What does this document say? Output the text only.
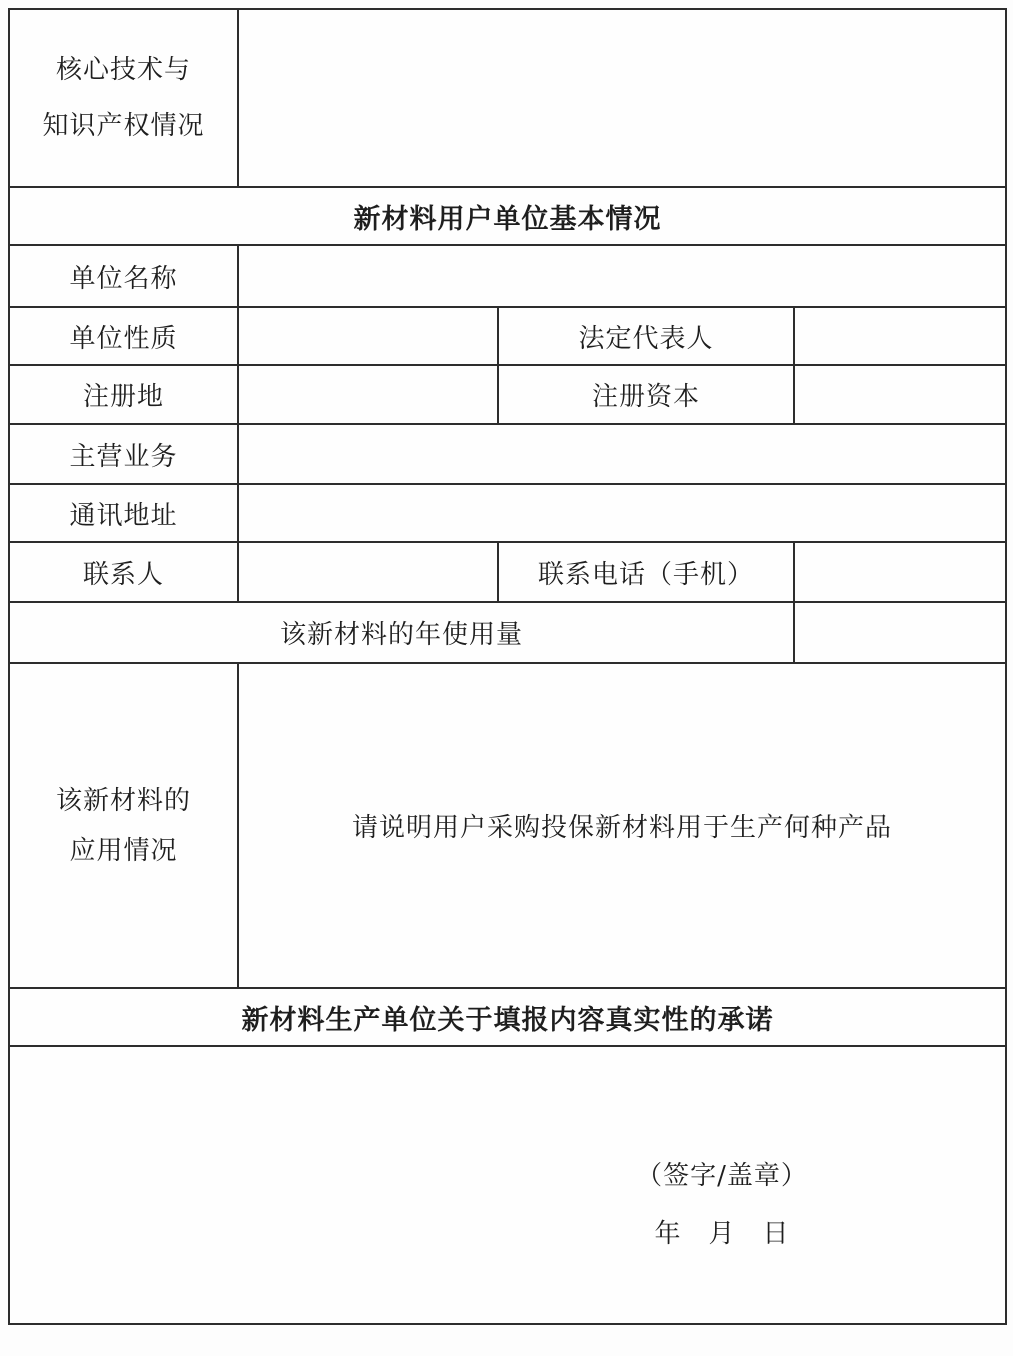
核心技术与
知识产权情况			

新材料用户单位基本情况			
单位名称			
单位性质		法定代表人	
注册地		注册资本	
主营业务			
通讯地址			
联系人		联系电话（手机）	
该新材料的年使用量			

该新材料的
应用情况	请说明用户采购投保新材料用于生产何种产品		
新材料生产单位关于填报内容真实性的承诺			

（签字/盖章）
年　月　日			
